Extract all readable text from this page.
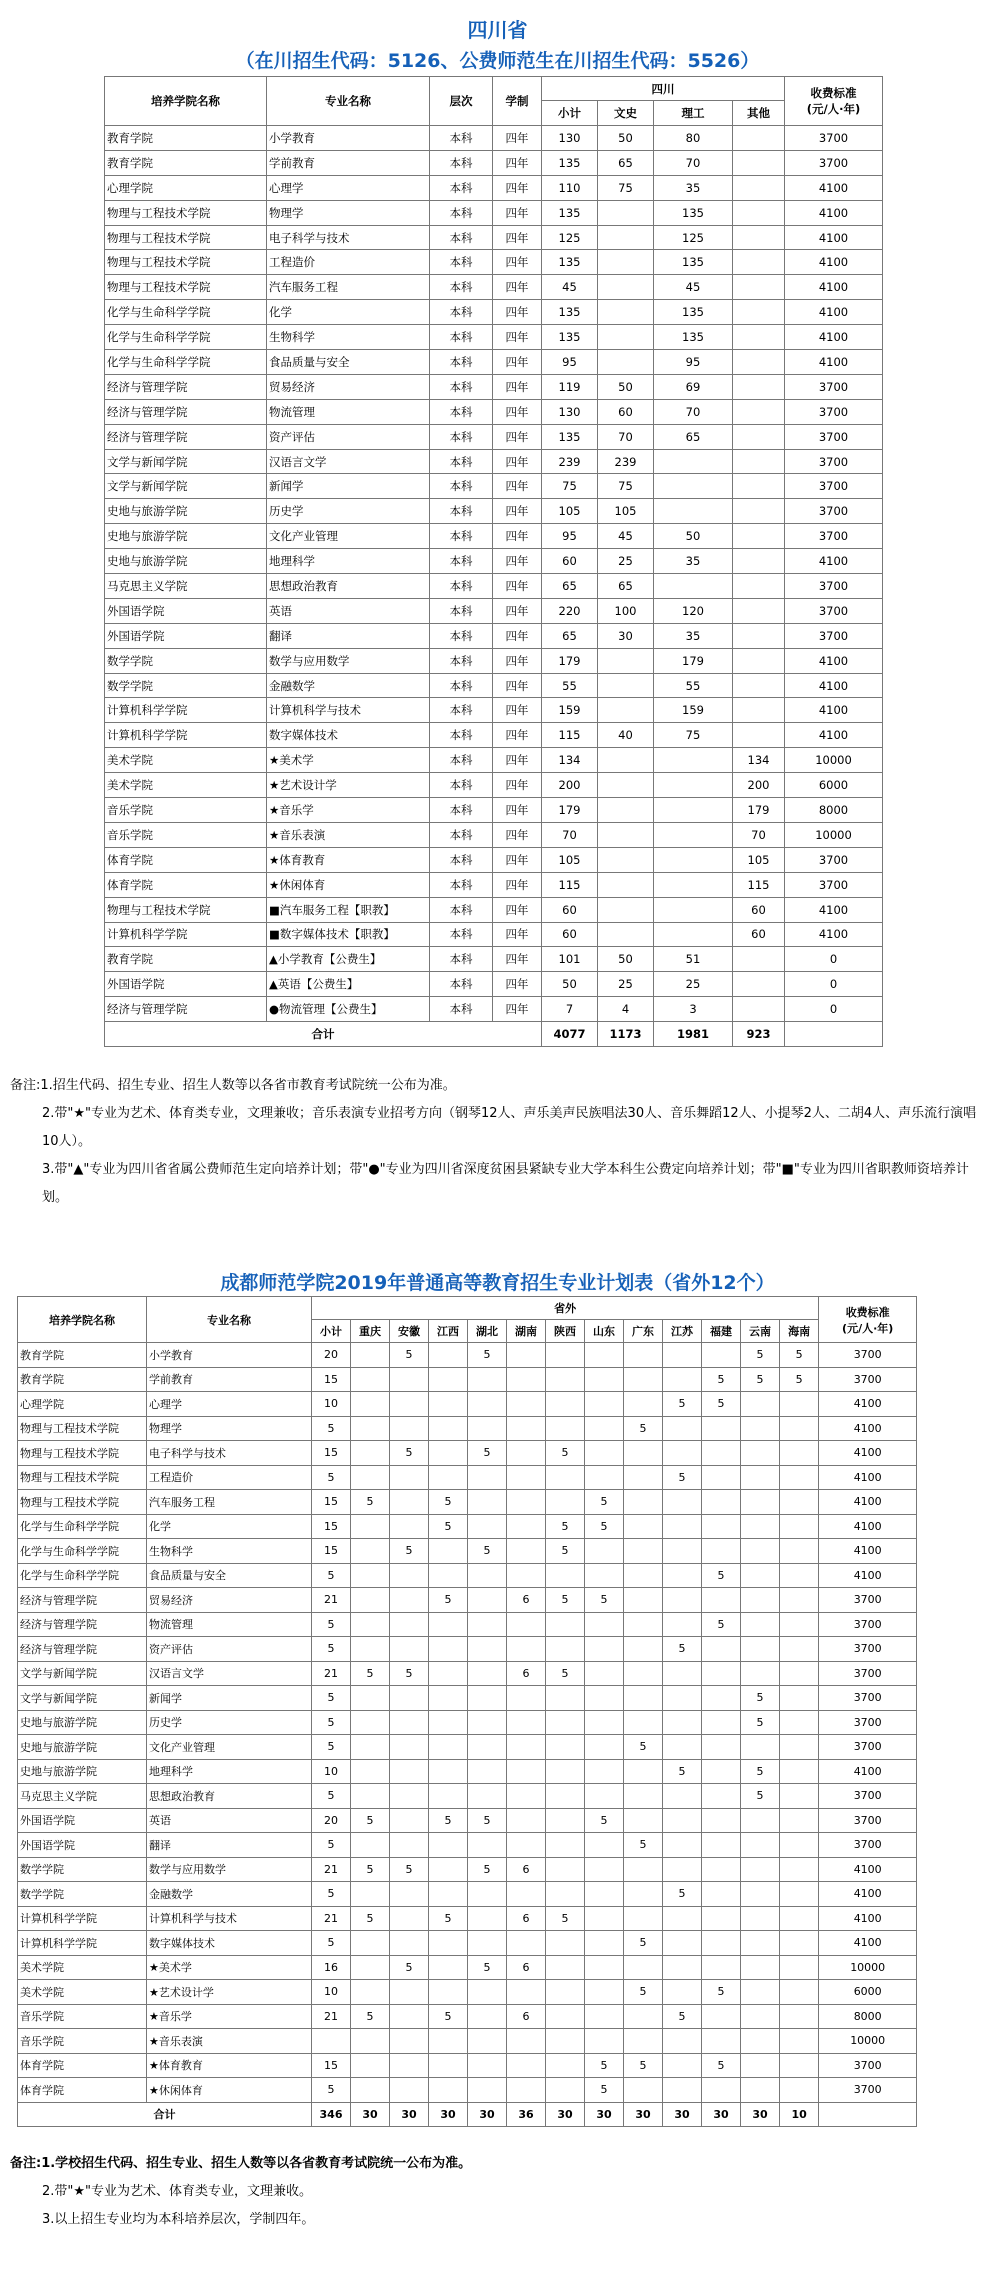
四川省
（在川招生代码：5126、公费师范生在川招生代码：5526）
培养学院名称	专业名称	层次	学制	四川				收费标准
(元/人·年)
				小计	文史	理工	其他	
教育学院	小学教育	本科	四年	130	50	80		3700
教育学院	学前教育	本科	四年	135	65	70		3700
心理学院	心理学	本科	四年	110	75	35		4100
物理与工程技术学院	物理学	本科	四年	135		135		4100
物理与工程技术学院	电子科学与技术	本科	四年	125		125		4100
物理与工程技术学院	工程造价	本科	四年	135		135		4100
物理与工程技术学院	汽车服务工程	本科	四年	45		45		4100
化学与生命科学学院	化学	本科	四年	135		135		4100
化学与生命科学学院	生物科学	本科	四年	135		135		4100
化学与生命科学学院	食品质量与安全	本科	四年	95		95		4100
经济与管理学院	贸易经济	本科	四年	119	50	69		3700
经济与管理学院	物流管理	本科	四年	130	60	70		3700
经济与管理学院	资产评估	本科	四年	135	70	65		3700
文学与新闻学院	汉语言文学	本科	四年	239	239			3700
文学与新闻学院	新闻学	本科	四年	75	75			3700
史地与旅游学院	历史学	本科	四年	105	105			3700
史地与旅游学院	文化产业管理	本科	四年	95	45	50		3700
史地与旅游学院	地理科学	本科	四年	60	25	35		4100
马克思主义学院	思想政治教育	本科	四年	65	65			3700
外国语学院	英语	本科	四年	220	100	120		3700
外国语学院	翻译	本科	四年	65	30	35		3700
数学学院	数学与应用数学	本科	四年	179		179		4100
数学学院	金融数学	本科	四年	55		55		4100
计算机科学学院	计算机科学与技术	本科	四年	159		159		4100
计算机科学学院	数字媒体技术	本科	四年	115	40	75		4100
美术学院	★美术学	本科	四年	134			134	10000
美术学院	★艺术设计学	本科	四年	200			200	6000
音乐学院	★音乐学	本科	四年	179			179	8000
音乐学院	★音乐表演	本科	四年	70			70	10000
体育学院	★体育教育	本科	四年	105			105	3700
体育学院	★休闲体育	本科	四年	115			115	3700
物理与工程技术学院	■汽车服务工程【职教】	本科	四年	60			60	4100
计算机科学学院	■数字媒体技术【职教】	本科	四年	60			60	4100
教育学院	▲小学教育【公费生】	本科	四年	101	50	51		0
外国语学院	▲英语【公费生】	本科	四年	50	25	25		0
经济与管理学院	●物流管理【公费生】	本科	四年	7	4	3		0
合计				4077	1173	1981	923	
备注:1.招生代码、招生专业、招生人数等以各省市教育考试院统一公布为准。
2.带"★"专业为艺术、体育类专业，文理兼收；音乐表演专业招考方向（钢琴12人、声乐美声民族唱法30人、音乐舞蹈12人、小提琴2人、二胡4人、声乐流行演唱10人）。
3.带"▲"专业为四川省省属公费师范生定向培养计划；带"●"专业为四川省深度贫困县紧缺专业大学本科生公费定向培养计划；带"■"专业为四川省职教师资培养计划。
成都师范学院2019年普通高等教育招生专业计划表（省外12个）
培养学院名称	专业名称	省外													收费标准
(元/人·年)
		小计	重庆	安徽	江西	湖北	湖南	陕西	山东	广东	江苏	福建	云南	海南	
教育学院	小学教育	20		5		5							5	5	3700
教育学院	学前教育	15										5	5	5	3700
心理学院	心理学	10									5	5			4100
物理与工程技术学院	物理学	5								5					4100
物理与工程技术学院	电子科学与技术	15		5		5		5							4100
物理与工程技术学院	工程造价	5									5				4100
物理与工程技术学院	汽车服务工程	15	5		5				5						4100
化学与生命科学学院	化学	15			5			5	5						4100
化学与生命科学学院	生物科学	15		5		5		5							4100
化学与生命科学学院	食品质量与安全	5										5			4100
经济与管理学院	贸易经济	21			5		6	5	5						3700
经济与管理学院	物流管理	5										5			3700
经济与管理学院	资产评估	5									5				3700
文学与新闻学院	汉语言文学	21	5	5			6	5							3700
文学与新闻学院	新闻学	5											5		3700
史地与旅游学院	历史学	5											5		3700
史地与旅游学院	文化产业管理	5								5					3700
史地与旅游学院	地理科学	10									5		5		4100
马克思主义学院	思想政治教育	5											5		3700
外国语学院	英语	20	5		5	5			5						3700
外国语学院	翻译	5								5					3700
数学学院	数学与应用数学	21	5	5		5	6								4100
数学学院	金融数学	5									5				4100
计算机科学学院	计算机科学与技术	21	5		5		6	5							4100
计算机科学学院	数字媒体技术	5								5					4100
美术学院	★美术学	16		5		5	6								10000
美术学院	★艺术设计学	10								5		5			6000
音乐学院	★音乐学	21	5		5		6				5				8000
音乐学院	★音乐表演														10000
体育学院	★体育教育	15							5	5		5			3700
体育学院	★休闲体育	5							5						3700
合计		346	30	30	30	30	36	30	30	30	30	30	30	10	
备注:1.学校招生代码、招生专业、招生人数等以各省教育考试院统一公布为准。
2.带"★"专业为艺术、体育类专业，文理兼收。
3.以上招生专业均为本科培养层次，学制四年。
